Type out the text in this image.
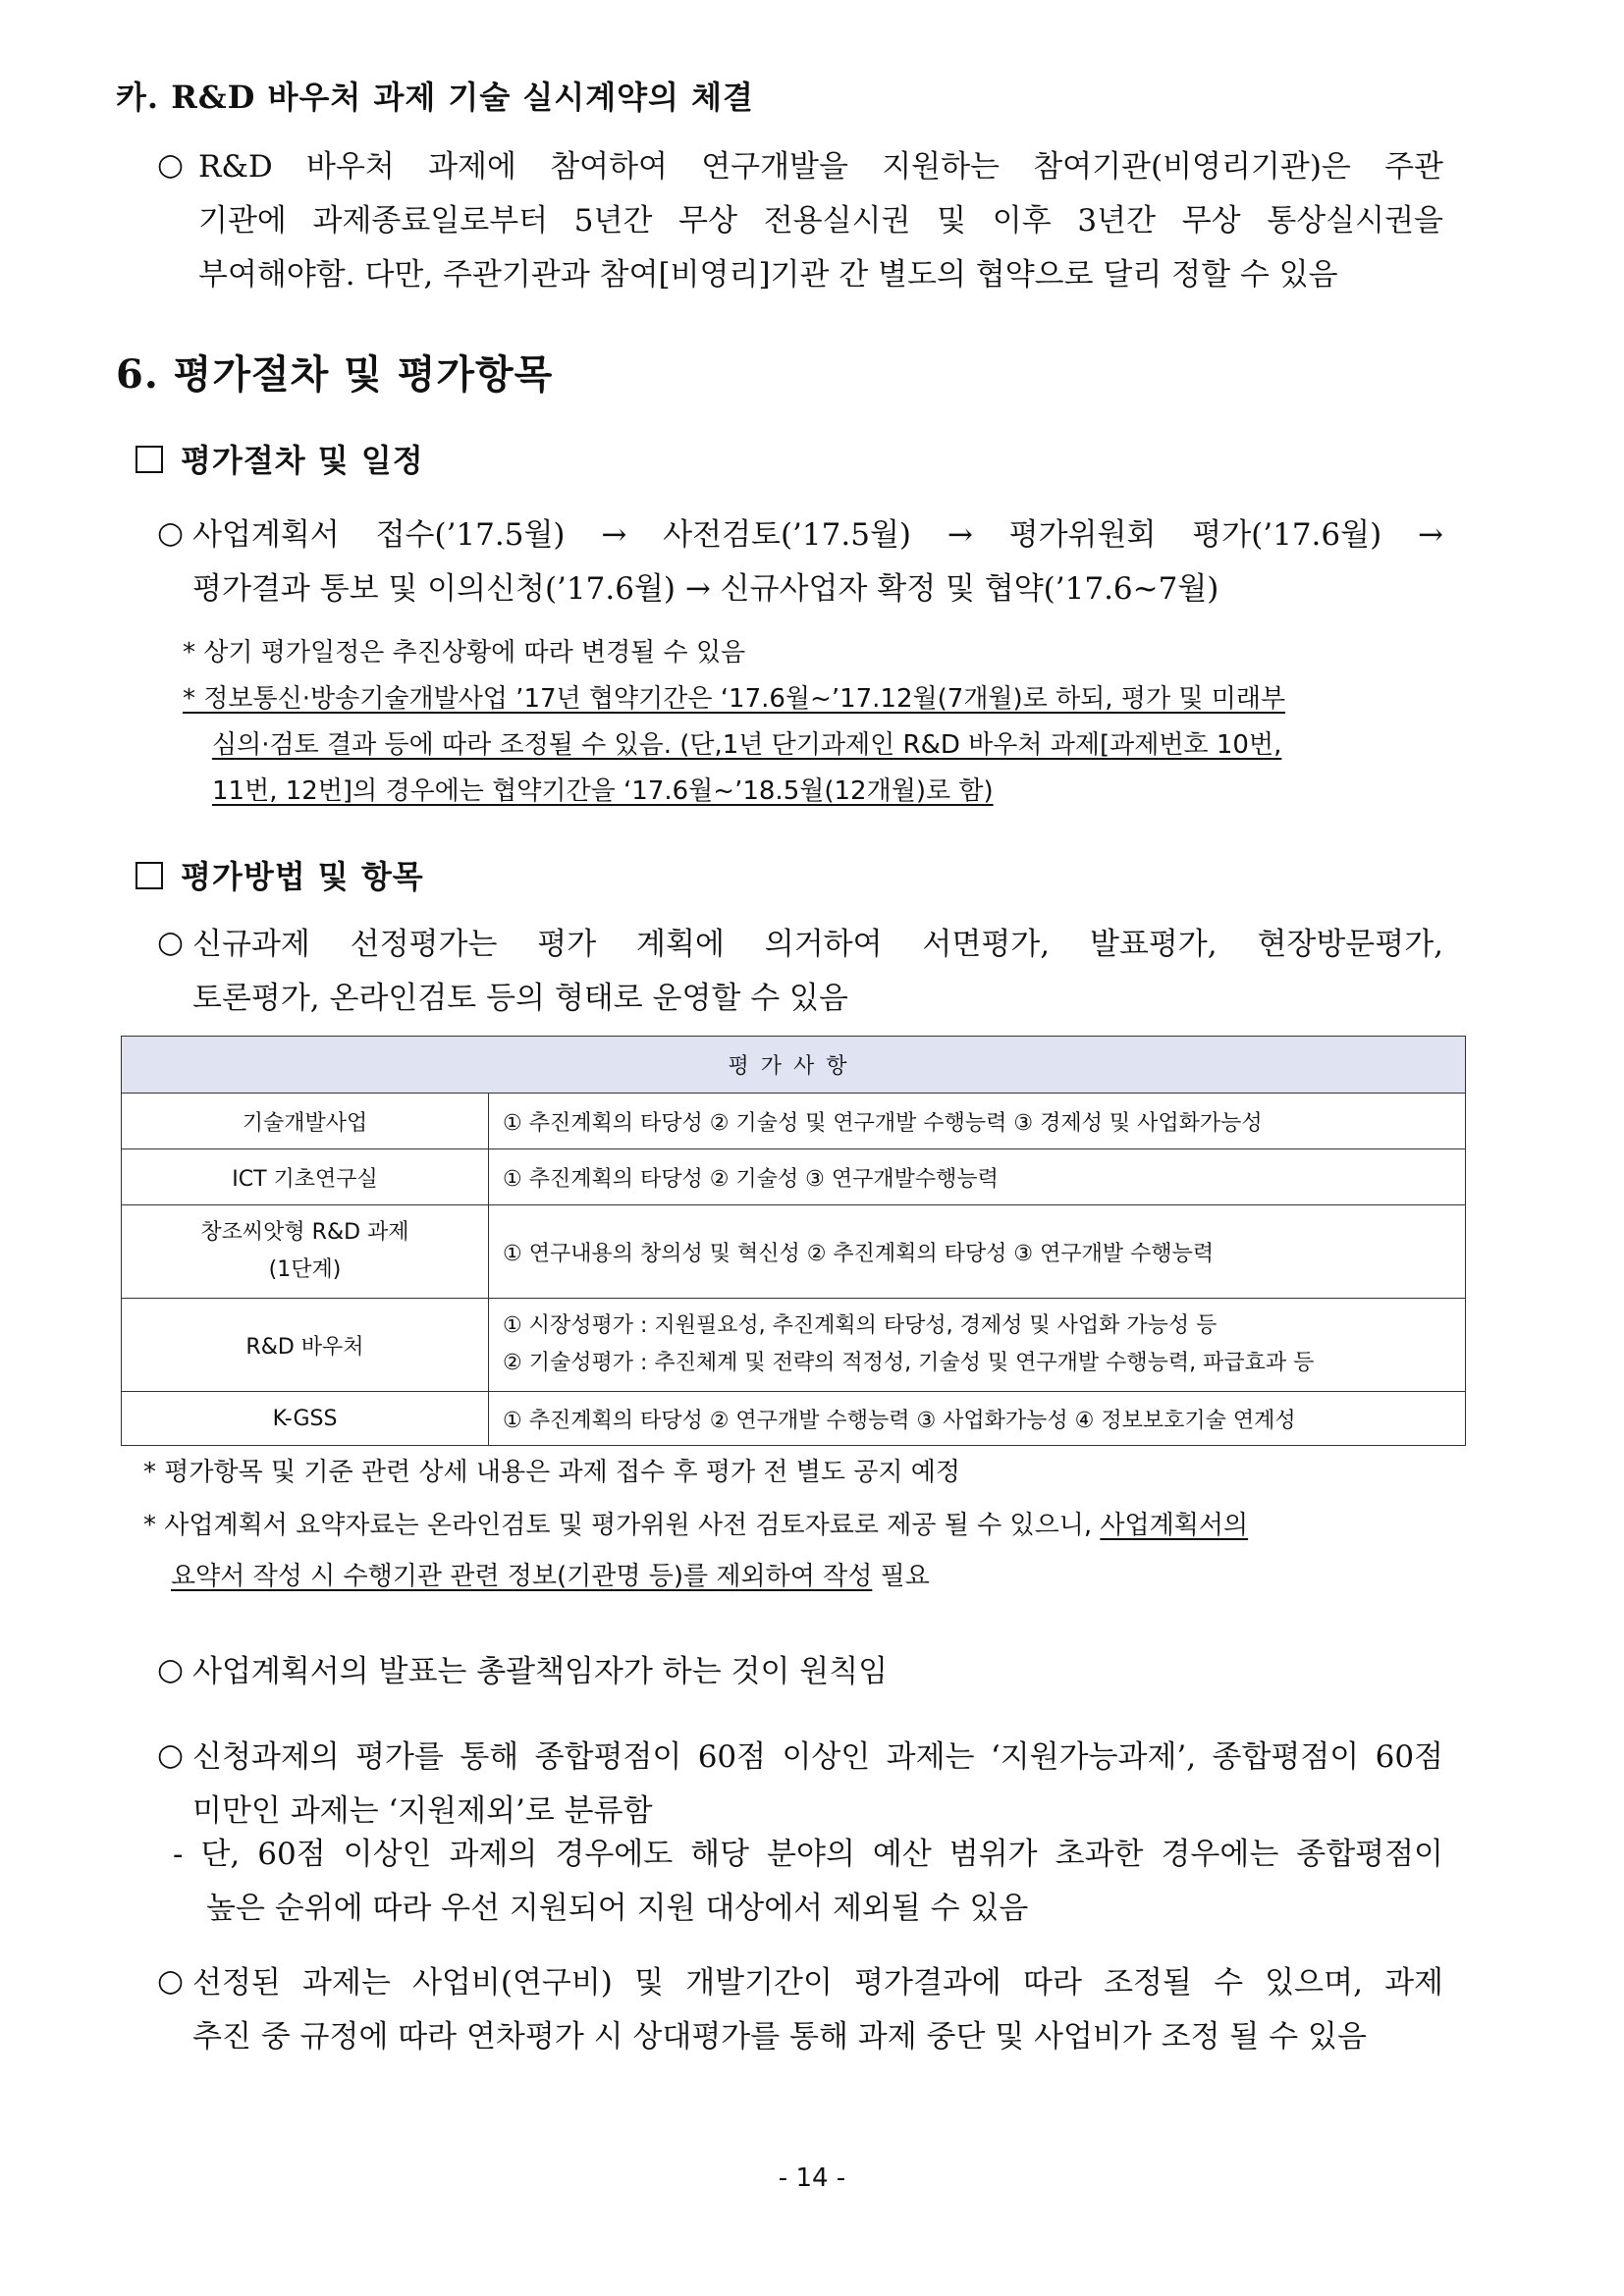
카. R&D 바우처 과제 기술 실시계약의 체결
○ R&D 바우처 과제에 참여하여 연구개발을 지원하는 참여기관(비영리기관)은 주관
기관에 과제종료일로부터 5년간 무상 전용실시권 및 이후 3년간 무상 통상실시권을
부여해야함. 다만, 주관기관과 참여[비영리]기관 간 별도의 협약으로 달리 정할 수 있음
6. 평가절차 및 평가항목
평가절차 및 일정
○ 사업계획서 접수(’17.5월) → 사전검토(’17.5월) → 평가위원회 평가(’17.6월) →
평가결과 통보 및 이의신청(’17.6월) → 신규사업자 확정 및 협약(’17.6~7월)
* 상기 평가일정은 추진상황에 따라 변경될 수 있음
* 정보통신·방송기술개발사업 ’17년 협약기간은 ‘17.6월~’17.12월(7개월)로 하되, 평가 및 미래부
심의·검토 결과 등에 따라 조정될 수 있음. (단,1년 단기과제인 R&D 바우처 과제[과제번호 10번,
11번, 12번]의 경우에는 협약기간을 ‘17.6월~’18.5월(12개월)로 함)
평가방법 및 항목
○ 신규과제 선정평가는 평가 계획에 의거하여 서면평가, 발표평가, 현장방문평가,
토론평가, 온라인검토 등의 형태로 운영할 수 있음
평가사항	
기술개발사업	① 추진계획의 타당성 ② 기술성 및 연구개발 수행능력 ③ 경제성 및 사업화가능성
ICT 기초연구실	① 추진계획의 타당성 ② 기술성 ③ 연구개발수행능력
창조씨앗형 R&D 과제
(1단계)	① 연구내용의 창의성 및 혁신성 ② 추진계획의 타당성 ③ 연구개발 수행능력
R&D 바우처	① 시장성평가 : 지원필요성, 추진계획의 타당성, 경제성 및 사업화 가능성 등
② 기술성평가 : 추진체계 및 전략의 적정성, 기술성 및 연구개발 수행능력, 파급효과 등

K-GSS	① 추진계획의 타당성 ② 연구개발 수행능력 ③ 사업화가능성 ④ 정보보호기술 연계성
* 평가항목 및 기준 관련 상세 내용은 과제 접수 후 평가 전 별도 공지 예정
* 사업계획서 요약자료는 온라인검토 및 평가위원 사전 검토자료로 제공 될 수 있으니, 사업계획서의
요약서 작성 시 수행기관 관련 정보(기관명 등)를 제외하여 작성 필요
○ 사업계획서의 발표는 총괄책임자가 하는 것이 원칙임
○ 신청과제의 평가를 통해 종합평점이 60점 이상인 과제는 ‘지원가능과제’, 종합평점이 60점
미만인 과제는 ‘지원제외’로 분류함
- 단, 60점 이상인 과제의 경우에도 해당 분야의 예산 범위가 초과한 경우에는 종합평점이
높은 순위에 따라 우선 지원되어 지원 대상에서 제외될 수 있음
○ 선정된 과제는 사업비(연구비) 및 개발기간이 평가결과에 따라 조정될 수 있으며, 과제
추진 중 규정에 따라 연차평가 시 상대평가를 통해 과제 중단 및 사업비가 조정 될 수 있음
- 14 -
